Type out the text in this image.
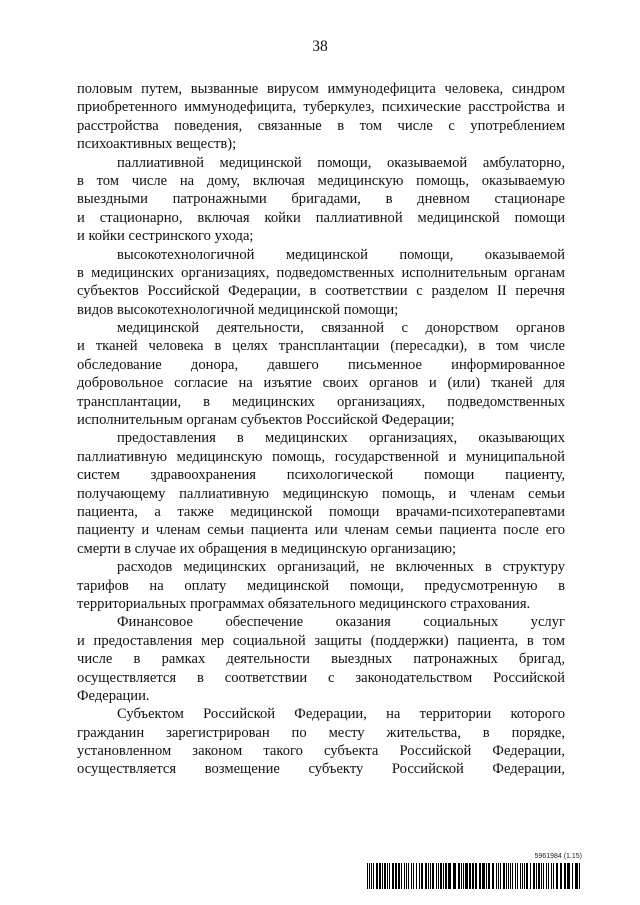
38
половым путем, вызванные вирусом иммунодефицита человека, синдром
приобретенного иммунодефицита, туберкулез, психические расстройства и
расстройства поведения, связанные в том числе с употреблением
психоактивных веществ);
паллиативной медицинской помощи, оказываемой амбулаторно,
в том числе на дому, включая медицинскую помощь, оказываемую
выездными патронажными бригадами, в дневном стационаре
и стационарно, включая койки паллиативной медицинской помощи
и койки сестринского ухода;
высокотехнологичной медицинской помощи, оказываемой
в медицинских организациях, подведомственных исполнительным органам
субъектов Российской Федерации, в соответствии с разделом II перечня
видов высокотехнологичной медицинской помощи;
медицинской деятельности, связанной с донорством органов
и тканей человека в целях трансплантации (пересадки), в том числе
обследование донора, давшего письменное информированное
добровольное согласие на изъятие своих органов и (или) тканей для
трансплантации, в медицинских организациях, подведомственных
исполнительным органам субъектов Российской Федерации;
предоставления в медицинских организациях, оказывающих
паллиативную медицинскую помощь, государственной и муниципальной
систем здравоохранения психологической помощи пациенту,
получающему паллиативную медицинскую помощь, и членам семьи
пациента, а также медицинской помощи врачами-психотерапевтами
пациенту и членам семьи пациента или членам семьи пациента после его
смерти в случае их обращения в медицинскую организацию;
расходов медицинских организаций, не включенных в структуру
тарифов на оплату медицинской помощи, предусмотренную в
территориальных программах обязательного медицинского страхования.
Финансовое обеспечение оказания социальных услуг
и предоставления мер социальной защиты (поддержки) пациента, в том
числе в рамках деятельности выездных патронажных бригад,
осуществляется в соответствии с законодательством Российской
Федерации.
Субъектом Российской Федерации, на территории которого
гражданин зарегистрирован по месту жительства, в порядке,
установленном законом такого субъекта Российской Федерации,
осуществляется возмещение субъекту Российской Федерации,
5961984 (1.15)
